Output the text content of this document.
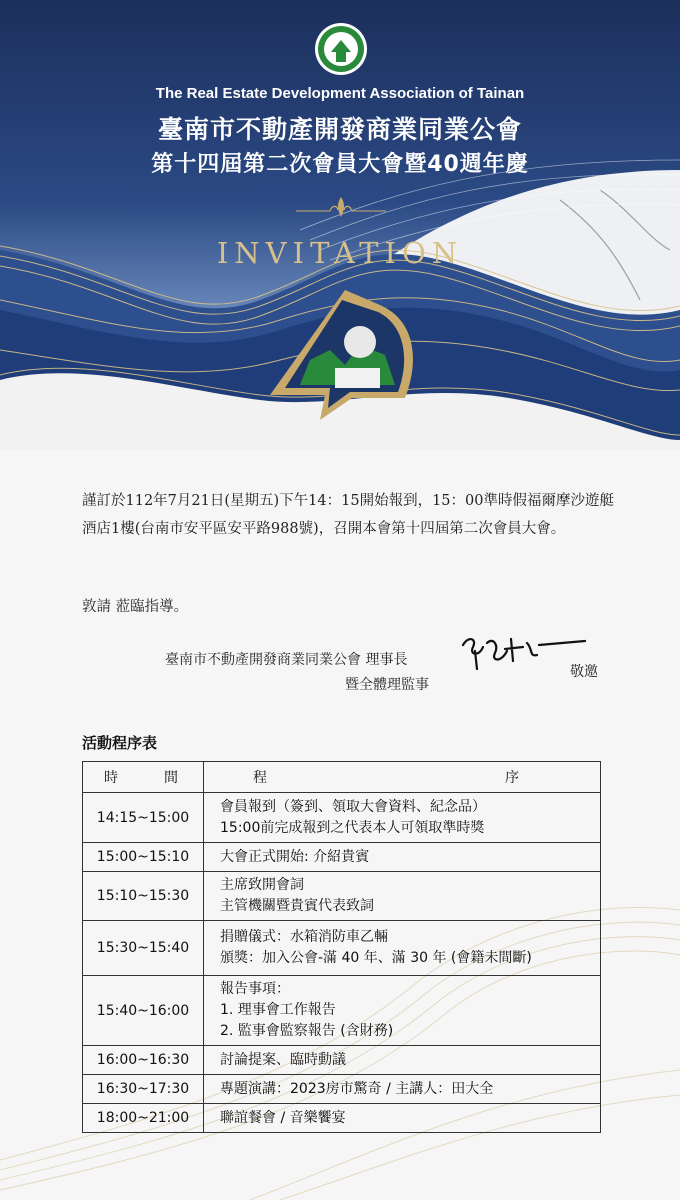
The Real Estate Development Association of Tainan
臺南市不動產開發商業同業公會
第十四屆第二次會員大會暨40週年慶
INVITATION
謹訂於112年7月21日(星期五)下午14：15開始報到，15：00準時假福爾摩沙遊艇酒店1樓(台南市安平區安平路988號)，召開本會第十四屆第二次會員大會。
敦請 蒞臨指導。
臺南市不動產開發商業同業公會 理事長
暨全體理監事
敬邀
活動程序表
時 間	程 序

14:15~15:00	會員報到（簽到、領取大會資料、紀念品）
15:00前完成報到之代表本人可領取準時獎

15:00~15:10	大會正式開始: 介紹貴賓

15:10~15:30	主席致開會詞
主管機關暨貴賓代表致詞

15:30~15:40	捐贈儀式：水箱消防車乙輛
頒獎：加入公會-滿 40 年、滿 30 年 (會籍未間斷)

15:40~16:00	報告事項：
1. 理事會工作報告
2. 監事會監察報告 (含財務)

16:00~16:30	討論提案、臨時動議

16:30~17:30	專題演講：2023房市驚奇 / 主講人：田大全

18:00~21:00	聯誼餐會 / 音樂饗宴
